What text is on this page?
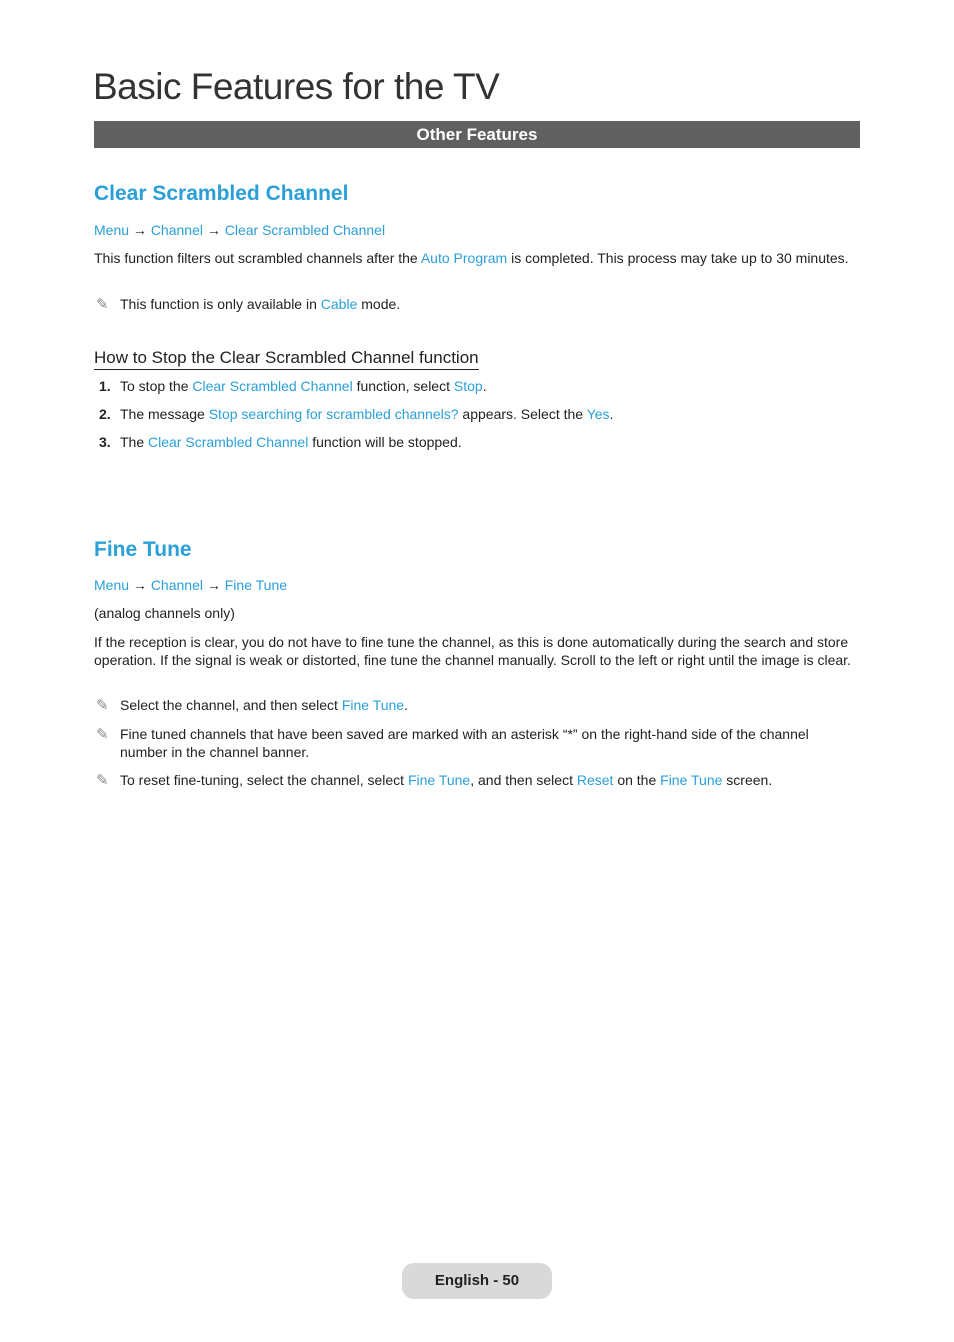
Basic Features for the TV
Other Features
Clear Scrambled Channel
Menu → Channel → Clear Scrambled Channel
This function filters out scrambled channels after the Auto Program is completed. This process may take up to 30 minutes.
✎ This function is only available in Cable mode.
How to Stop the Clear Scrambled Channel function
1. To stop the Clear Scrambled Channel function, select Stop.
2. The message Stop searching for scrambled channels? appears. Select the Yes.
3. The Clear Scrambled Channel function will be stopped.
Fine Tune
Menu → Channel → Fine Tune
(analog channels only)
If the reception is clear, you do not have to fine tune the channel, as this is done automatically during the search and store operation. If the signal is weak or distorted, fine tune the channel manually. Scroll to the left or right until the image is clear.
✎ Select the channel, and then select Fine Tune.
✎ Fine tuned channels that have been saved are marked with an asterisk “*” on the right-hand side of the channel number in the channel banner.
✎ To reset fine-tuning, select the channel, select Fine Tune, and then select Reset on the Fine Tune screen.
English - 50
